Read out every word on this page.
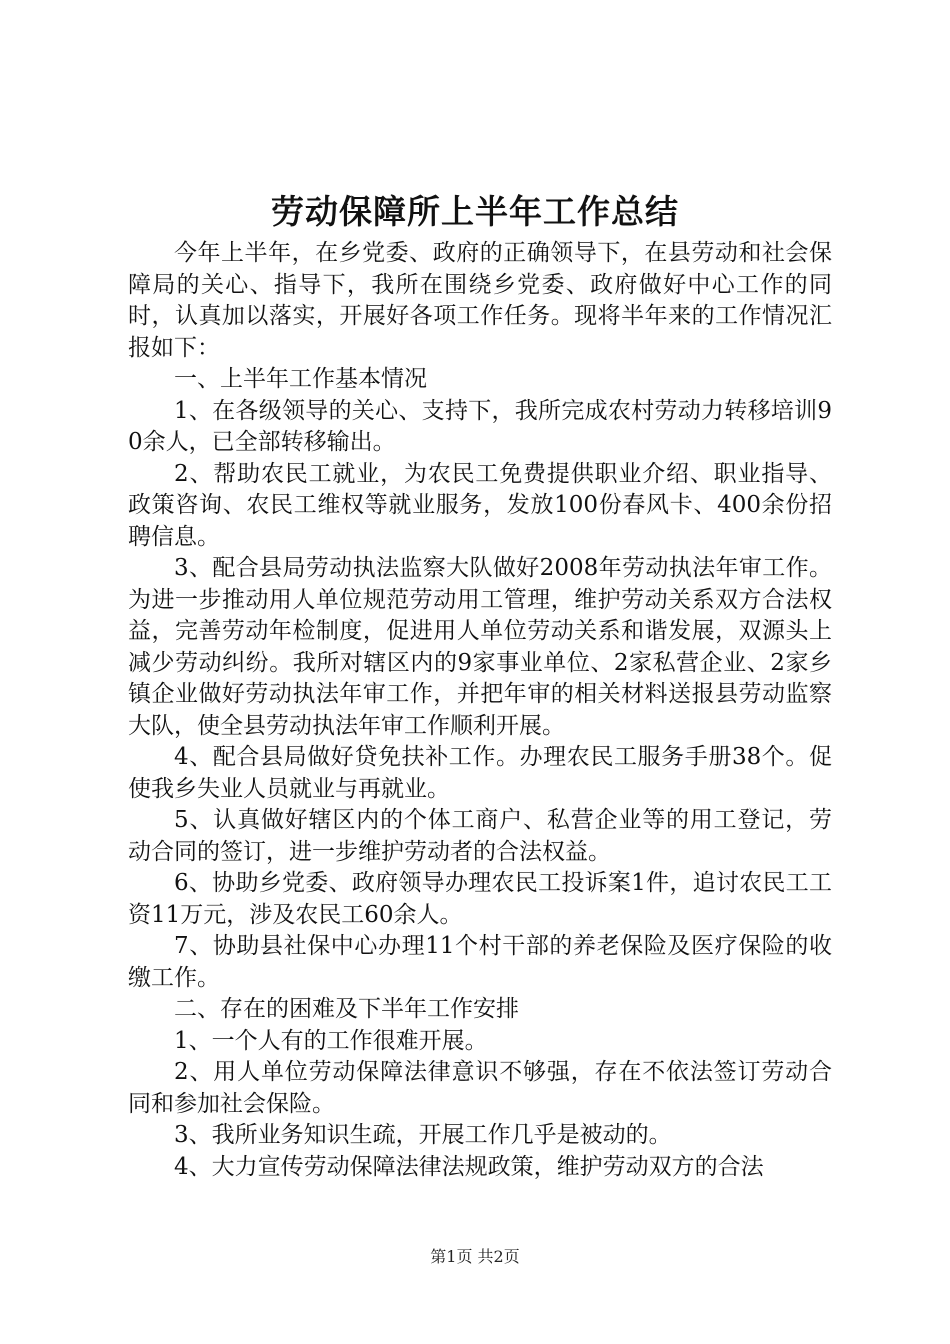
劳动保障所上半年工作总结

今年上半年，在乡党委、政府的正确领导下，在县劳动和社会保障局的关心、指导下，我所在围绕乡党委、政府做好中心工作的同时，认真加以落实，开展好各项工作任务。现将半年来的工作情况汇报如下：

一、上半年工作基本情况

1、在各级领导的关心、支持下，我所完成农村劳动力转移培训90余人，已全部转移输出。

2、帮助农民工就业，为农民工免费提供职业介绍、职业指导、政策咨询、农民工维权等就业服务，发放100份春风卡、400余份招聘信息。

3、配合县局劳动执法监察大队做好2008年劳动执法年审工作。为进一步推动用人单位规范劳动用工管理，维护劳动关系双方合法权益，完善劳动年检制度，促进用人单位劳动关系和谐发展，双源头上减少劳动纠纷。我所对辖区内的9家事业单位、2家私营企业、2家乡镇企业做好劳动执法年审工作，并把年审的相关材料送报县劳动监察大队，使全县劳动执法年审工作顺利开展。

4、配合县局做好贷免扶补工作。办理农民工服务手册38个。促使我乡失业人员就业与再就业。

5、认真做好辖区内的个体工商户、私营企业等的用工登记，劳动合同的签订，进一步维护劳动者的合法权益。

6、协助乡党委、政府领导办理农民工投诉案1件，追讨农民工工资11万元，涉及农民工60余人。

7、协助县社保中心办理11个村干部的养老保险及医疗保险的收缴工作。

二、存在的困难及下半年工作安排

1、一个人有的工作很难开展。

2、用人单位劳动保障法律意识不够强，存在不依法签订劳动合同和参加社会保险。

3、我所业务知识生疏，开展工作几乎是被动的。

4、大力宣传劳动保障法律法规政策，维护劳动双方的合法

第1页 共2页
